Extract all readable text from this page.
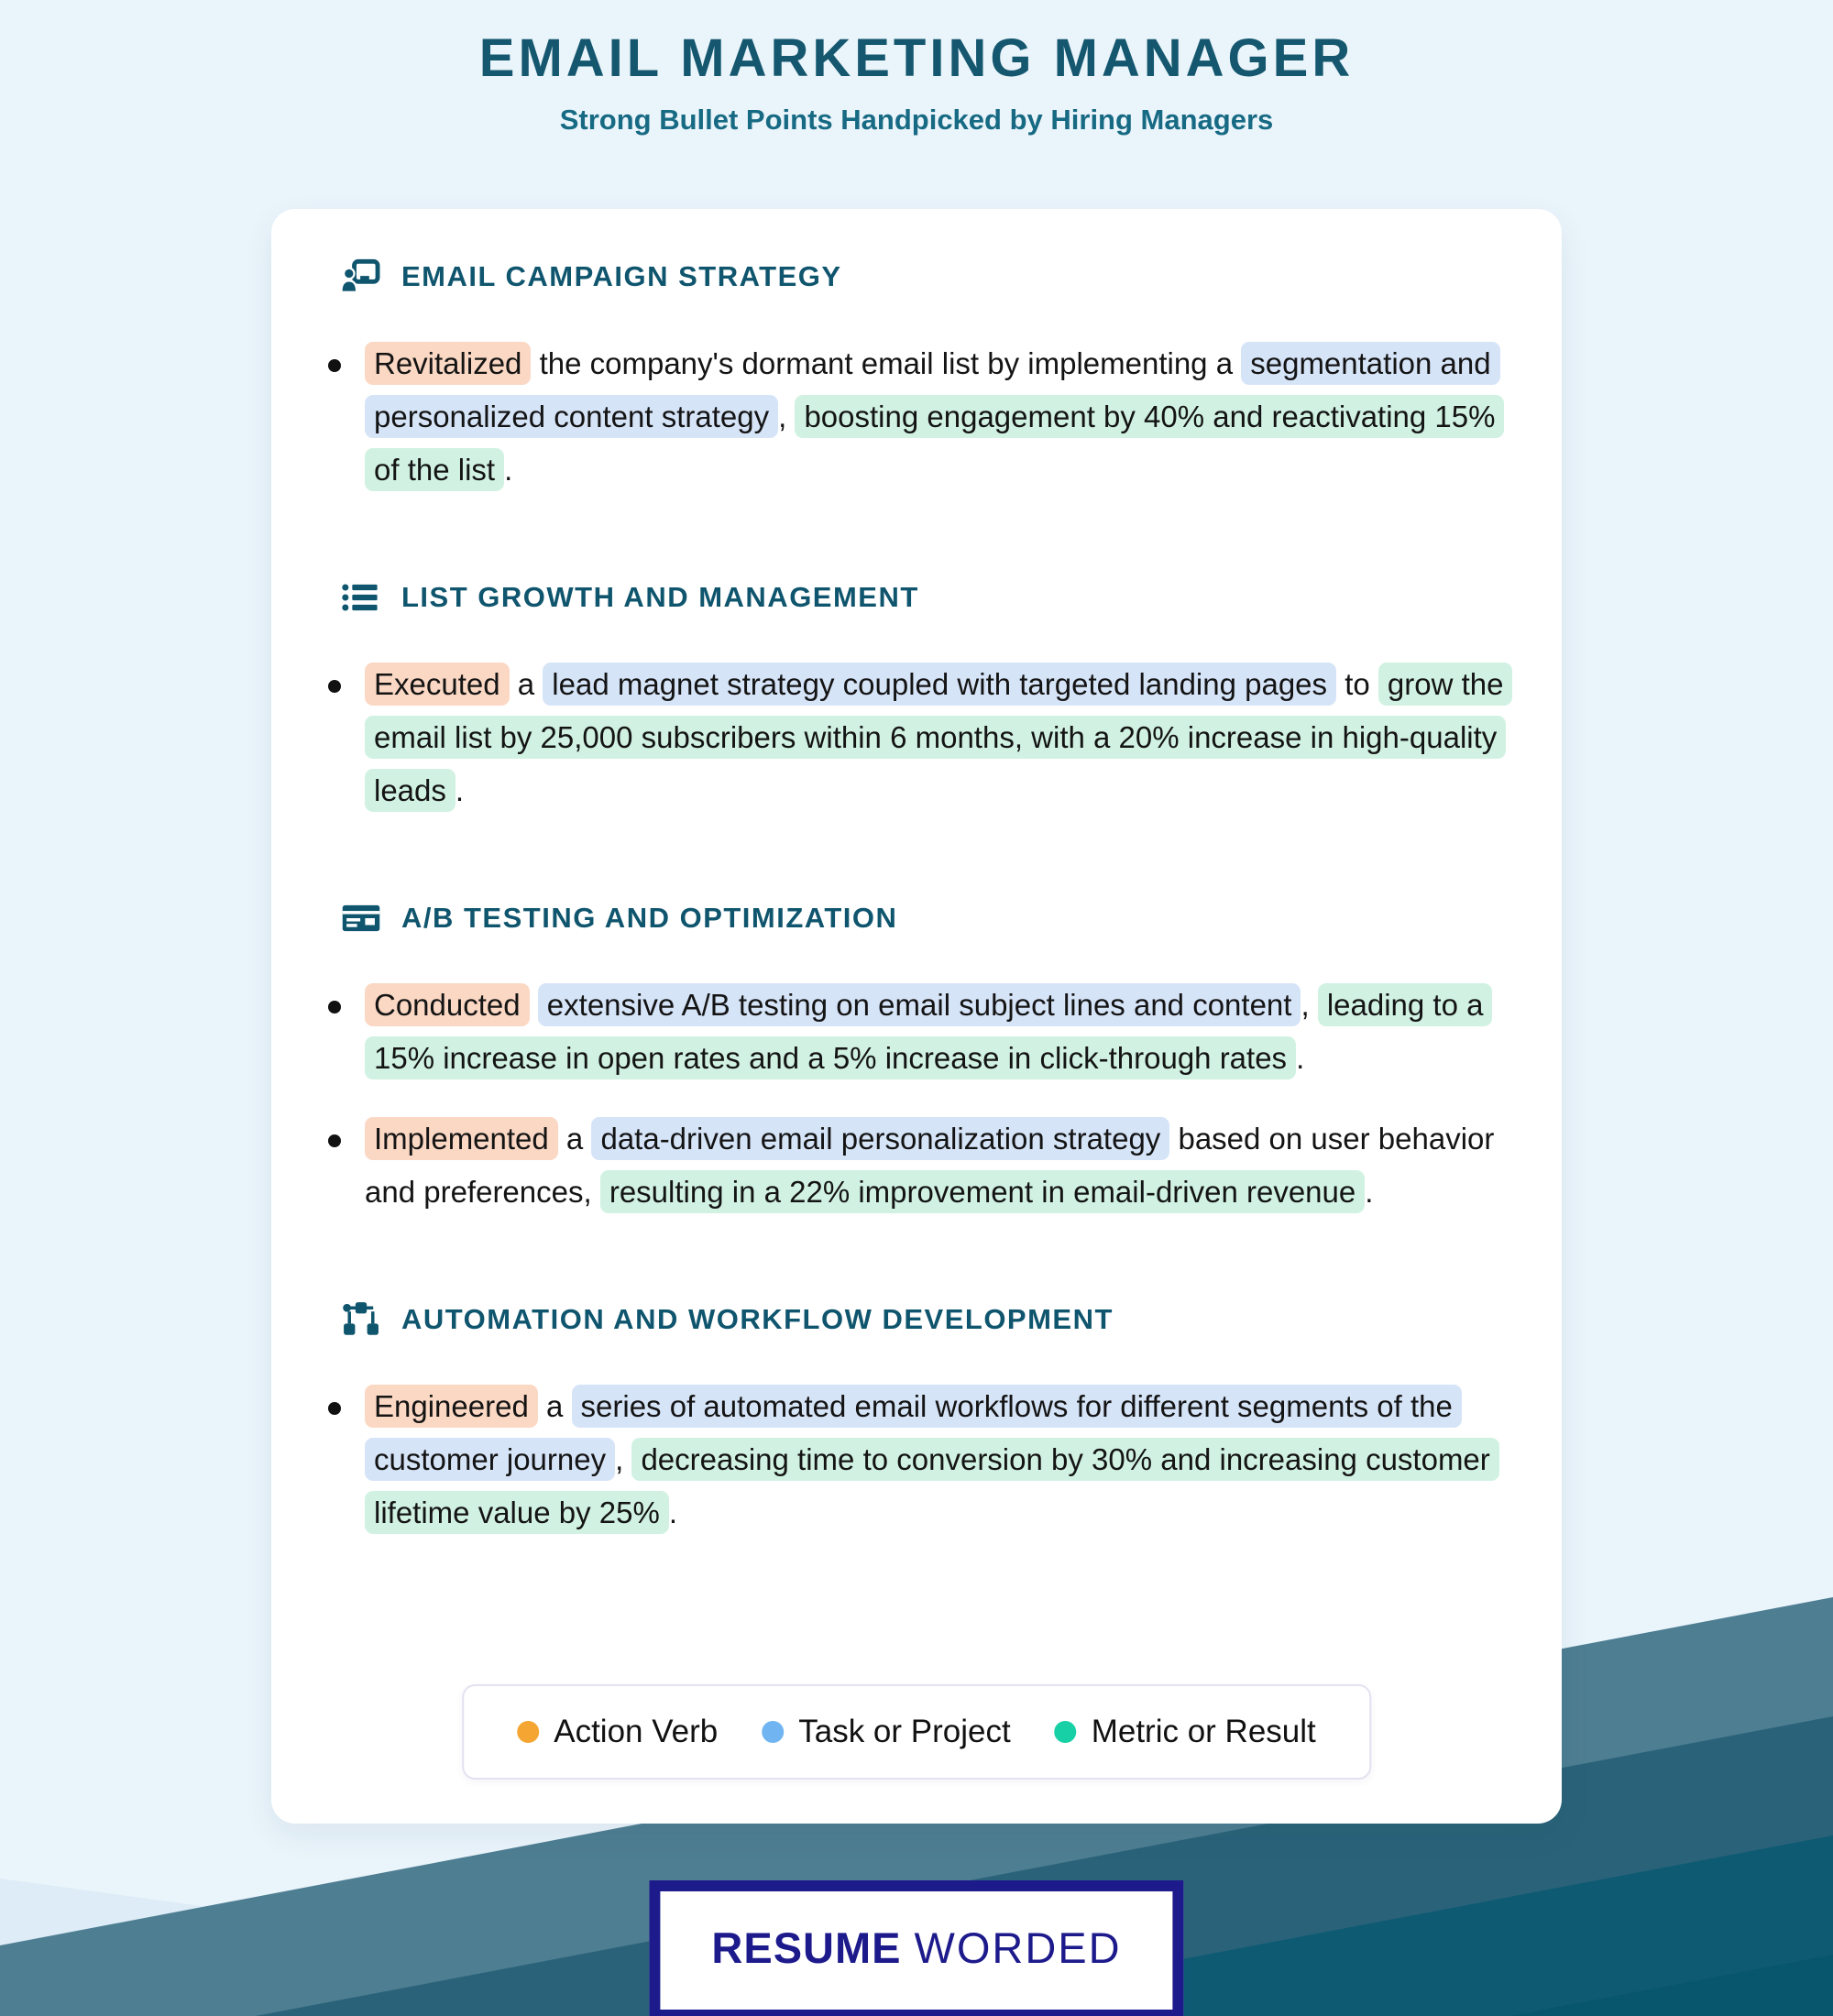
EMAIL MARKETING MANAGER

Strong Bullet Points Handpicked by Hiring Managers

EMAIL CAMPAIGN STRATEGY

Revitalized the company's dormant email list by implementing a segmentation and personalized content strategy , boosting engagement by 40% and reactivating 15% of the list .

LIST GROWTH AND MANAGEMENT

Executed a lead magnet strategy coupled with targeted landing pages to grow the email list by 25,000 subscribers within 6 months, with a 20% increase in high-quality leads .

A/B TESTING AND OPTIMIZATION

Conducted extensive A/B testing on email subject lines and content , leading to a 15% increase in open rates and a 5% increase in click-through rates .

Implemented a data-driven email personalization strategy based on user behavior and preferences, resulting in a 22% improvement in email-driven revenue .

AUTOMATION AND WORKFLOW DEVELOPMENT

Engineered a series of automated email workflows for different segments of the customer journey , decreasing time to conversion by 30% and increasing customer lifetime value by 25% .

Action Verb	Task or Project	Metric or Result
RESUME WORDED
